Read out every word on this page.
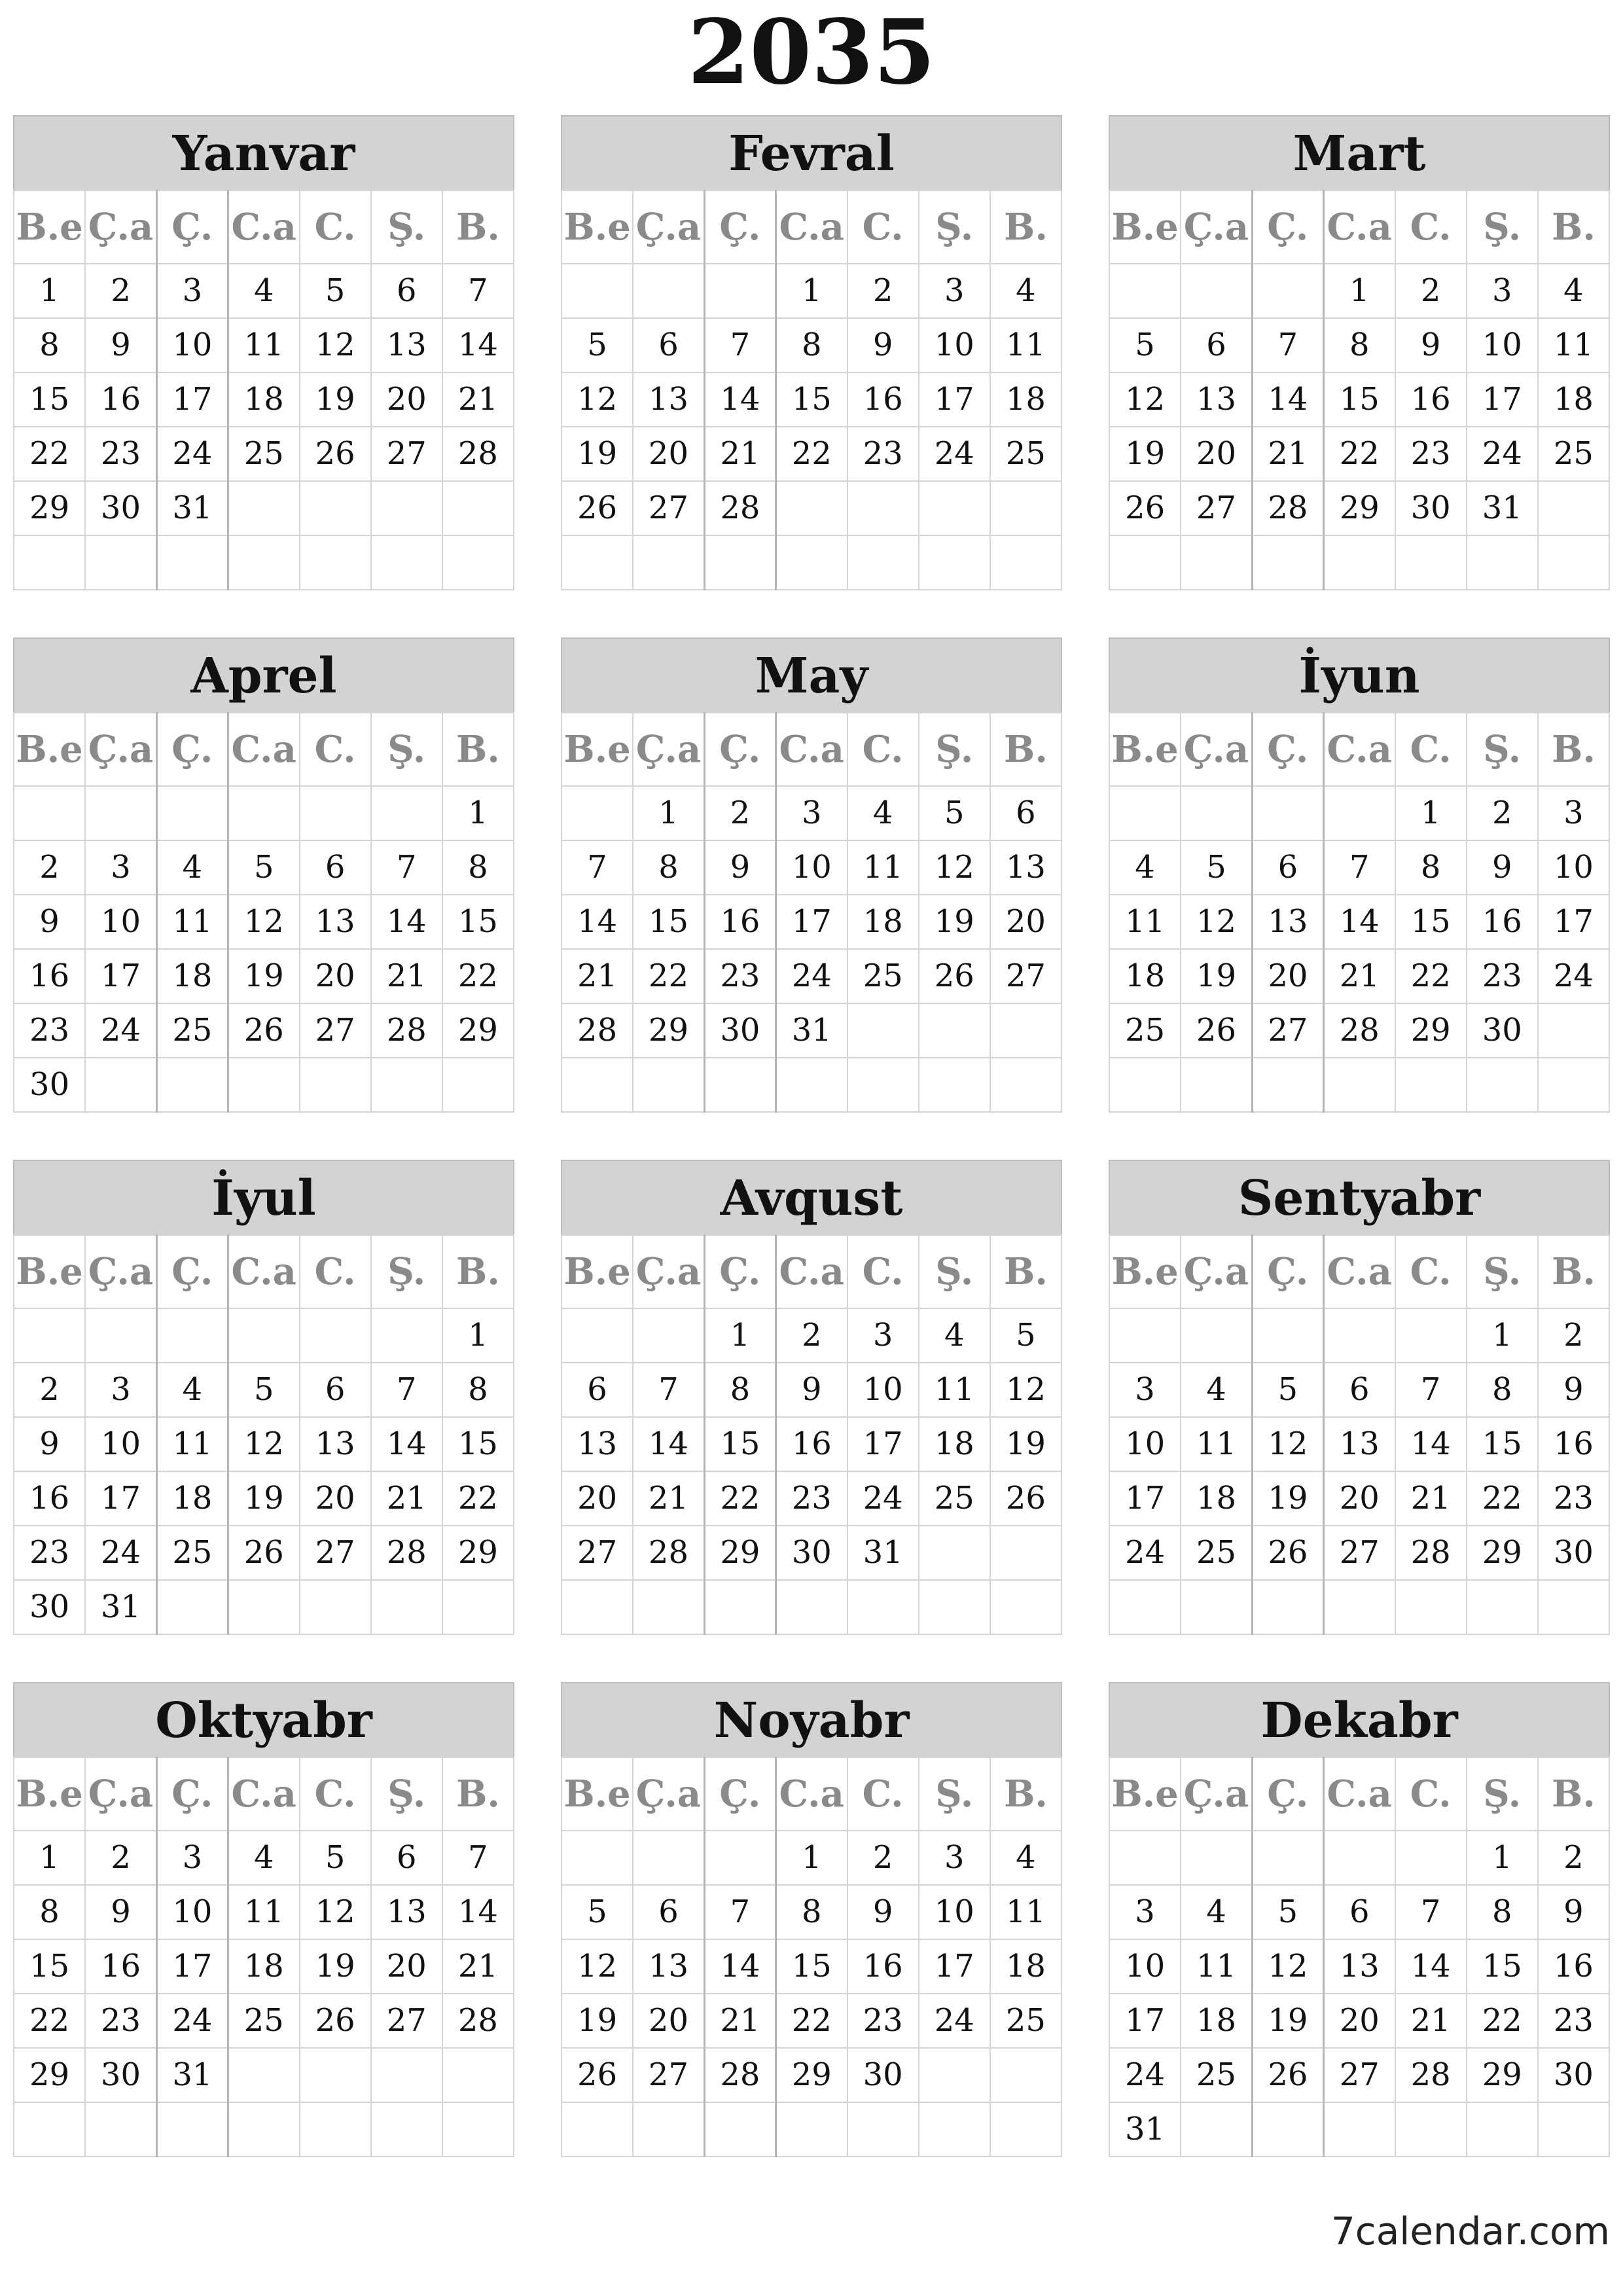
2035
Yanvar
B.e	Ç.a	Ç.	C.a	C.	Ş.	B.
1	2	3	4	5	6	7
8	9	10	11	12	13	14
15	16	17	18	19	20	21
22	23	24	25	26	27	28
29	30	31				

Fevral
B.e	Ç.a	Ç.	C.a	C.	Ş.	B.
			1	2	3	4
5	6	7	8	9	10	11
12	13	14	15	16	17	18
19	20	21	22	23	24	25
26	27	28				

Mart
B.e	Ç.a	Ç.	C.a	C.	Ş.	B.
			1	2	3	4
5	6	7	8	9	10	11
12	13	14	15	16	17	18
19	20	21	22	23	24	25
26	27	28	29	30	31	

Aprel
B.e	Ç.a	Ç.	C.a	C.	Ş.	B.
						1
2	3	4	5	6	7	8
9	10	11	12	13	14	15
16	17	18	19	20	21	22
23	24	25	26	27	28	29
30						
May
B.e	Ç.a	Ç.	C.a	C.	Ş.	B.
	1	2	3	4	5	6
7	8	9	10	11	12	13
14	15	16	17	18	19	20
21	22	23	24	25	26	27
28	29	30	31			

İyun
B.e	Ç.a	Ç.	C.a	C.	Ş.	B.
				1	2	3
4	5	6	7	8	9	10
11	12	13	14	15	16	17
18	19	20	21	22	23	24
25	26	27	28	29	30	

İyul
B.e	Ç.a	Ç.	C.a	C.	Ş.	B.
						1
2	3	4	5	6	7	8
9	10	11	12	13	14	15
16	17	18	19	20	21	22
23	24	25	26	27	28	29
30	31					
Avqust
B.e	Ç.a	Ç.	C.a	C.	Ş.	B.
		1	2	3	4	5
6	7	8	9	10	11	12
13	14	15	16	17	18	19
20	21	22	23	24	25	26
27	28	29	30	31		

Sentyabr
B.e	Ç.a	Ç.	C.a	C.	Ş.	B.
					1	2
3	4	5	6	7	8	9
10	11	12	13	14	15	16
17	18	19	20	21	22	23
24	25	26	27	28	29	30

Oktyabr
B.e	Ç.a	Ç.	C.a	C.	Ş.	B.
1	2	3	4	5	6	7
8	9	10	11	12	13	14
15	16	17	18	19	20	21
22	23	24	25	26	27	28
29	30	31				

Noyabr
B.e	Ç.a	Ç.	C.a	C.	Ş.	B.
			1	2	3	4
5	6	7	8	9	10	11
12	13	14	15	16	17	18
19	20	21	22	23	24	25
26	27	28	29	30		

Dekabr
B.e	Ç.a	Ç.	C.a	C.	Ş.	B.
					1	2
3	4	5	6	7	8	9
10	11	12	13	14	15	16
17	18	19	20	21	22	23
24	25	26	27	28	29	30
31						
7calendar.com
